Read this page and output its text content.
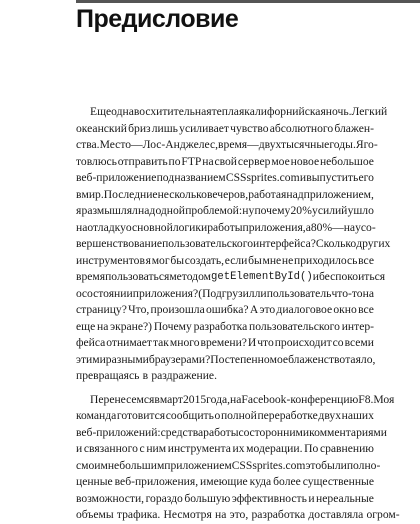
Предисловие
Еще одна восхитительная теплая калифорнийская ночь. Легкий
океанский бриз лишь усиливает чувство абсолютного блажен-
ства. Место — Лос-Анджелес, время — двухтысячные годы. Я го-
товлюсь отправить по FTP на свой сервер мое новое небольшое
веб-приложение под названием CSSsprites.com и выпустить его
в мир. Последние несколько вечеров, работая над приложением,
я размышлял над одной проблемой: ну почему 20 % усилий ушло
на отладку основной логики работы приложения, а 80 % — на усо-
вершенствование пользовательского интерфейса? Сколько других
инструментов я мог бы создать, если бы мне не приходилось все
время пользоваться методом getElementById() и беспокоиться
о состоянии приложения? (Подгрузил ли пользователь что-то на
страницу? Что, произошла ошибка? А это диалоговое окно все
еще на экране?) Почему разработка пользовательского интер-
фейса отнимает так много времени? И что происходит со всеми
этими разными браузерами? Постепенно мое блаженство таяло,
превращаясь в раздражение.
Перенесемся в март 2015 года, на Facebook-конференцию F8. Моя
команда готовится сообщить о полной переработке двух наших
веб-приложений: средства работы со сторонними комментариями
и связанного с ним инструмента их модерации. По сравнению
с моим небольшим приложением CSSsprites.com это были полно-
ценные веб-приложения, имеющие куда более существенные
возможности, гораздо большую эффективность и нереальные
объемы трафика. Несмотря на это, разработка доставляла огром-
